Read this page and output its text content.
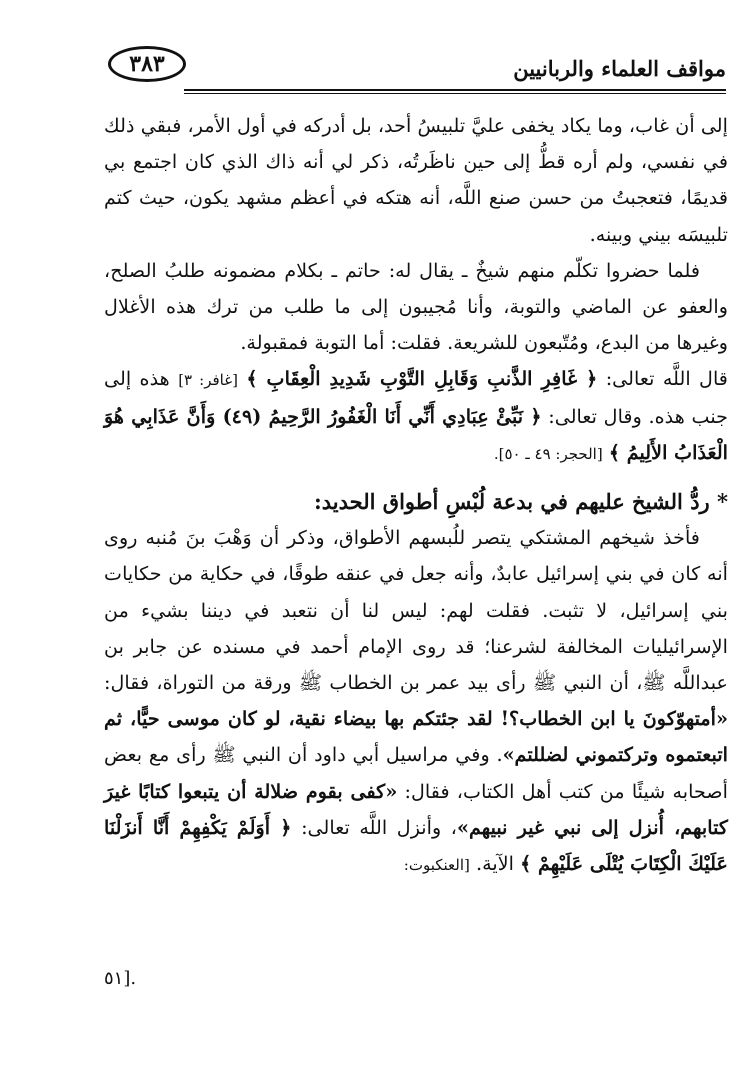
٣٨٣	مواقف العلماء والربانيين

إلى أن غاب، وما يكاد يخفى عليَّ تلبيسُ أحد، بل أدركه في أول الأمر، فبقي ذلك في نفسي، ولم أره قطُّ إلى حين ناظَرتُه، ذكر لي أنه ذاك الذي كان اجتمع بي قديمًا، فتعجبتُ من حسن صنع اللَّه، أنه هتكه في أعظم مشهد يكون، حيث كتم تلبيسَه بيني وبينه.

فلما حضروا تكلّم منهم شيخٌ ـ يقال له: حاتم ـ بكلام مضمونه طلبُ الصلح، والعفو عن الماضي والتوبة، وأنا مُجيبون إلى ما طلب من ترك هذه الأغلال وغيرها من البدع، ومُتّبعون للشريعة. فقلت: أما التوبة فمقبولة.

قال اللَّه تعالى: ﴿ غَافِرِ الذَّنبِ وَقَابِلِ التَّوْبِ شَدِيدِ الْعِقَابِ ﴾ [غافر: ٣] هذه إلى جنب هذه. وقال تعالى: ﴿ نَبِّئْ عِبَادِي أَنِّي أَنَا الْغَفُورُ الرَّحِيمُ (٤٩) وَأَنَّ عَذَابِي هُوَ الْعَذَابُ الأَلِيمُ ﴾ [الحجر: ٤٩ ـ ٥٠].

* ردُّ الشيخ عليهم في بدعة لُبْسِ أطواق الحديد:

فأخذ شيخهم المشتكي يتصر للُبسهم الأطواق، وذكر أن وَهْبَ بنَ مُنبه روى أنه كان في بني إسرائيل عابدٌ، وأنه جعل في عنقه طوقًا، في حكاية من حكايات بني إسرائيل، لا تثبت. فقلت لهم: ليس لنا أن نتعبد في ديننا بشيء من الإسرائيليات المخالفة لشرعنا؛ قد روى الإمام أحمد في مسنده عن جابر بن عبداللَّه ﷺ، أن النبي ﷺ رأى بيد عمر بن الخطاب ﷺ ورقة من التوراة، فقال: «أمتهوّكونَ يا ابن الخطاب؟! لقد جئتكم بها بيضاء نقية، لو كان موسى حيًّا، ثم اتبعتموه وتركتموني لضللتم». وفي مراسيل أبي داود أن النبي ﷺ رأى مع بعض أصحابه شيئًا من كتب أهل الكتاب، فقال: «كفى بقوم ضلالة أن يتبعوا كتابًا غيرَ كتابهم، أُنزل إلى نبي غير نبيهم»، وأنزل اللَّه تعالى: ﴿ أَوَلَمْ يَكْفِهِمْ أَنَّا أَنزَلْنَا عَلَيْكَ الْكِتَابَ يُتْلَى عَلَيْهِمْ ﴾ الآية. [العنكبوت:

.[٥١
